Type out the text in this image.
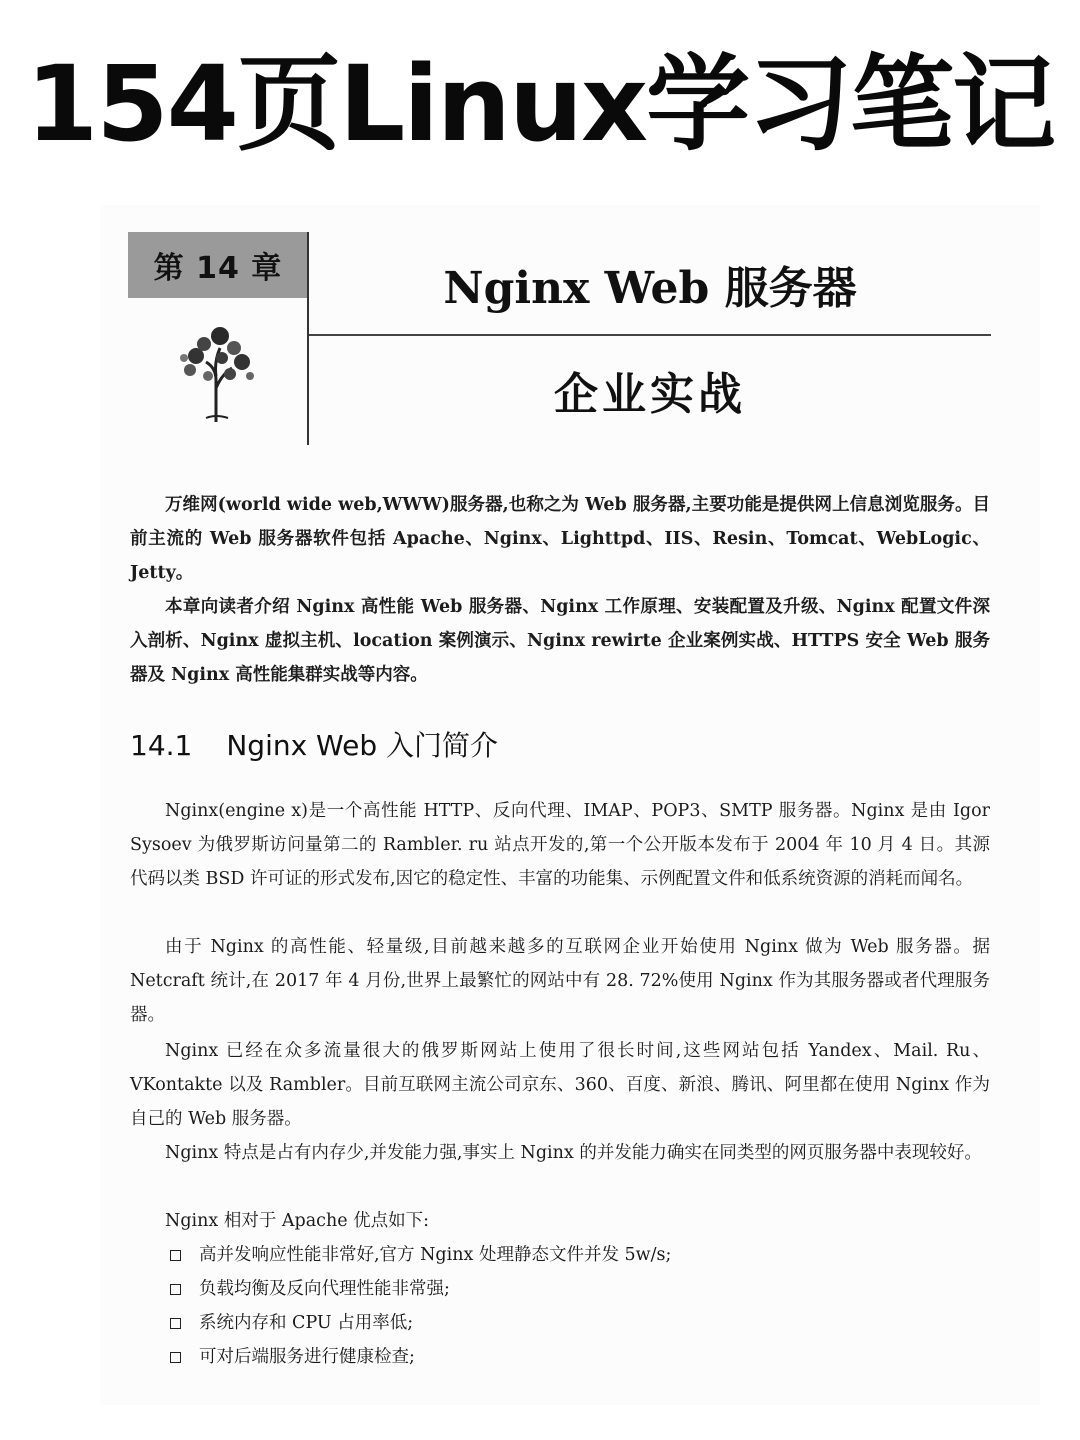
154页Linux学习笔记
第 14 章	Nginx Web 服务器
企业实战

万维网(world wide web,WWW)服务器,也称之为 Web 服务器,主要功能是提供网上信息浏览服务。目前主流的 Web 服务器软件包括 Apache、Nginx、Lighttpd、IIS、Resin、Tomcat、WebLogic、Jetty。

本章向读者介绍 Nginx 高性能 Web 服务器、Nginx 工作原理、安装配置及升级、Nginx 配置文件深入剖析、Nginx 虚拟主机、location 案例演示、Nginx rewirte 企业案例实战、HTTPS 安全 Web 服务器及 Nginx 高性能集群实战等内容。

14.1 Nginx Web 入门简介

Nginx(engine x)是一个高性能 HTTP、反向代理、IMAP、POP3、SMTP 服务器。Nginx 是由 Igor Sysoev 为俄罗斯访问量第二的 Rambler. ru 站点开发的,第一个公开版本发布于 2004 年 10 月 4 日。其源代码以类 BSD 许可证的形式发布,因它的稳定性、丰富的功能集、示例配置文件和低系统资源的消耗而闻名。

由于 Nginx 的高性能、轻量级,目前越来越多的互联网企业开始使用 Nginx 做为 Web 服务器。据 Netcraft 统计,在 2017 年 4 月份,世界上最繁忙的网站中有 28. 72%使用 Nginx 作为其服务器或者代理服务器。

Nginx 已经在众多流量很大的俄罗斯网站上使用了很长时间,这些网站包括 Yandex、Mail. Ru、VKontakte 以及 Rambler。目前互联网主流公司京东、360、百度、新浪、腾讯、阿里都在使用 Nginx 作为自己的 Web 服务器。

Nginx 特点是占有内存少,并发能力强,事实上 Nginx 的并发能力确实在同类型的网页服务器中表现较好。

Nginx 相对于 Apache 优点如下:

高并发响应性能非常好,官方 Nginx 处理静态文件并发 5w/s;
负载均衡及反向代理性能非常强;
系统内存和 CPU 占用率低;
可对后端服务进行健康检查;
